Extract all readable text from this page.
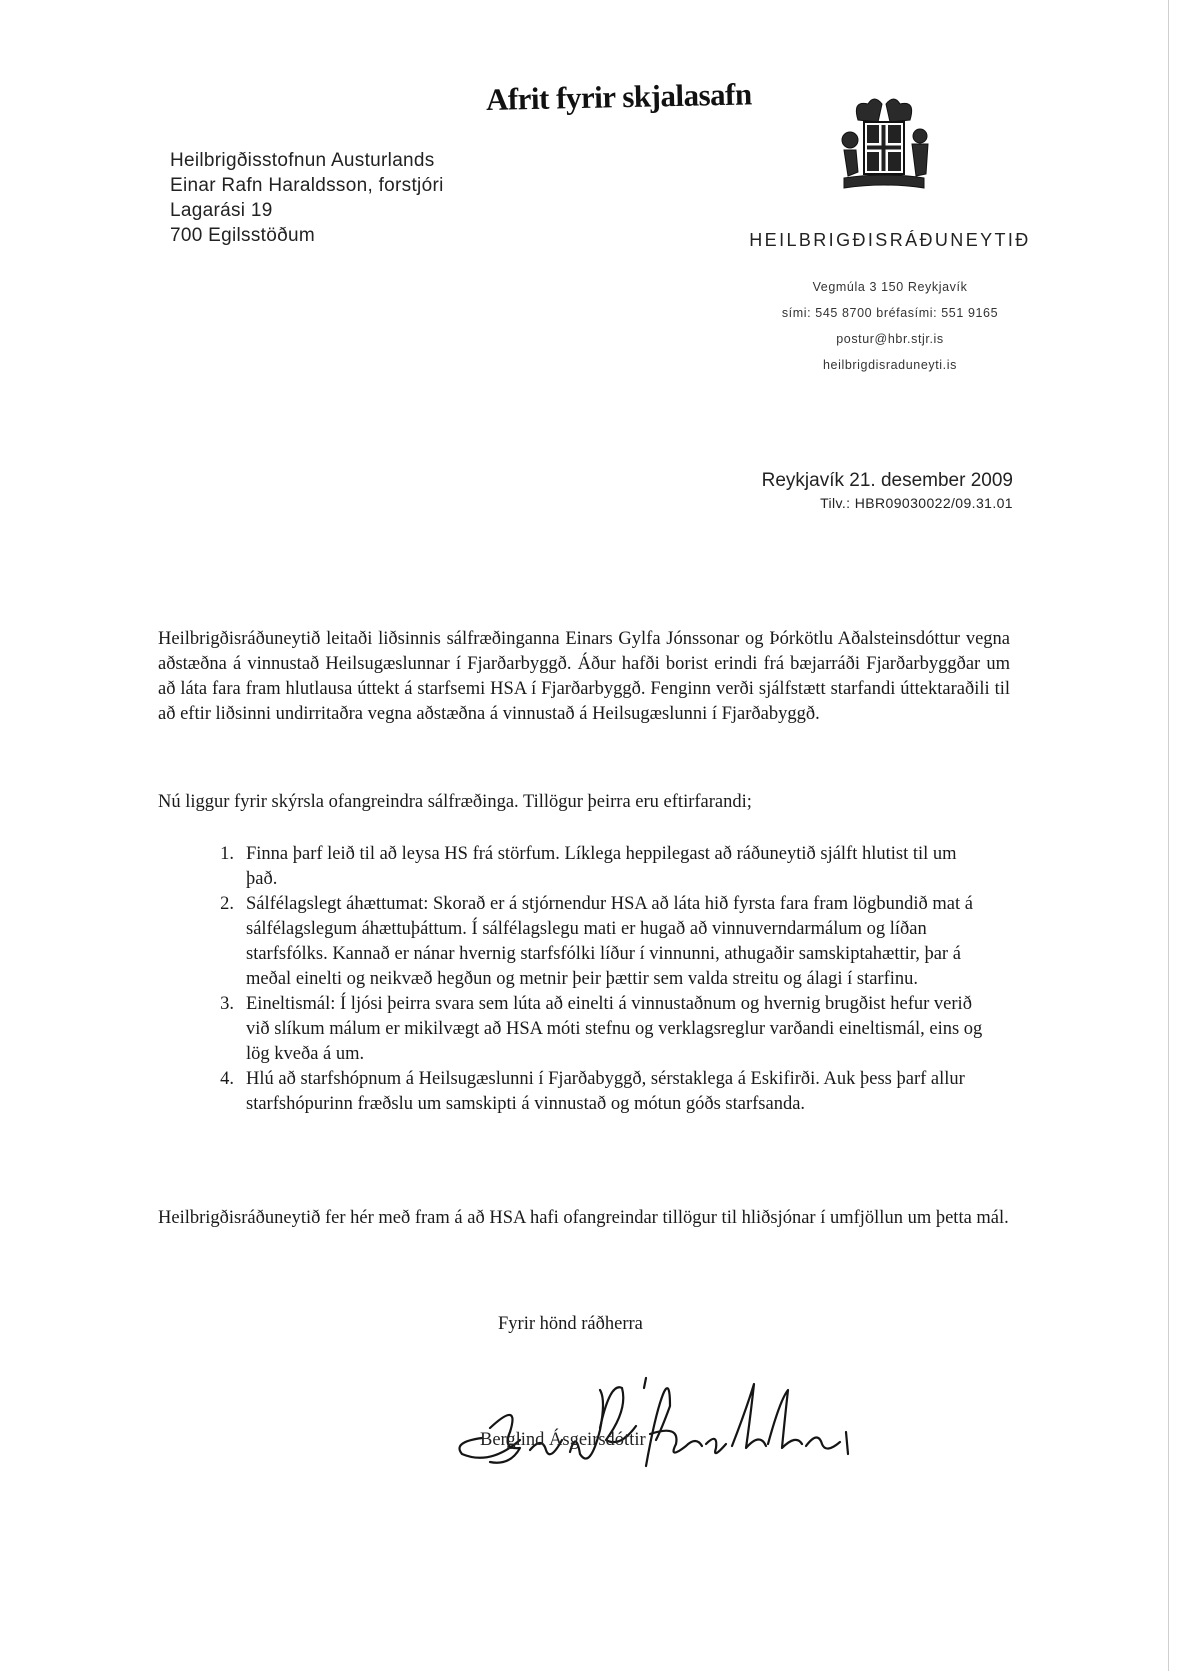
Afrit fyrir skjalasafn
Heilbrigðisstofnun Austurlands
Einar Rafn Haraldsson, forstjóri
Lagarási 19
700 Egilsstöðum	HEILBRIGÐISRÁÐUNEYTIÐ
Vegmúla 3 150 Reykjavík
sími: 545 8700 bréfasími: 551 9165
postur@hbr.stjr.is
heilbrigdisraduneyti.is
Reykjavík 21. desember 2009
Tilv.: HBR09030022/09.31.01

Heilbrigðisráðuneytið leitaði liðsinnis sálfræðinganna Einars Gylfa Jónssonar og Þórkötlu Aðalsteinsdóttur vegna aðstæðna á vinnustað Heilsugæslunnar í Fjarðarbyggð. Áður hafði borist erindi frá bæjarráði Fjarðarbyggðar um að láta fara fram hlutlausa úttekt á starfsemi HSA í Fjarðarbyggð. Fenginn verði sjálfstætt starfandi úttektaraðili til að eftir liðsinni undirritaðra vegna aðstæðna á vinnustað á Heilsugæslunni í Fjarðabyggð.

Nú liggur fyrir skýrsla ofangreindra sálfræðinga. Tillögur þeirra eru eftirfarandi;

1. Finna þarf leið til að leysa HS frá störfum. Líklega heppilegast að ráðuneytið sjálft hlutist til um það.
2. Sálfélagslegt áhættumat: Skorað er á stjórnendur HSA að láta hið fyrsta fara fram lögbundið mat á sálfélagslegum áhættuþáttum. Í sálfélagslegu mati er hugað að vinnuverndarmálum og líðan starfsfólks. Kannað er nánar hvernig starfsfólki líður í vinnunni, athugaðir samskiptahættir, þar á meðal einelti og neikvæð hegðun og metnir þeir þættir sem valda streitu og álagi í starfinu.
3. Eineltismál: Í ljósi þeirra svara sem lúta að einelti á vinnustaðnum og hvernig brugðist hefur verið við slíkum málum er mikilvægt að HSA móti stefnu og verklagsreglur varðandi eineltismál, eins og lög kveða á um.
4. Hlú að starfshópnum á Heilsugæslunni í Fjarðabyggð, sérstaklega á Eskifirði. Auk þess þarf allur starfshópurinn fræðslu um samskipti á vinnustað og mótun góðs starfsanda.

Heilbrigðisráðuneytið fer hér með fram á að HSA hafi ofangreindar tillögur til hliðsjónar í umfjöllun um þetta mál.

Fyrir hönd ráðherra
Berglind Ásgeirsdóttir
